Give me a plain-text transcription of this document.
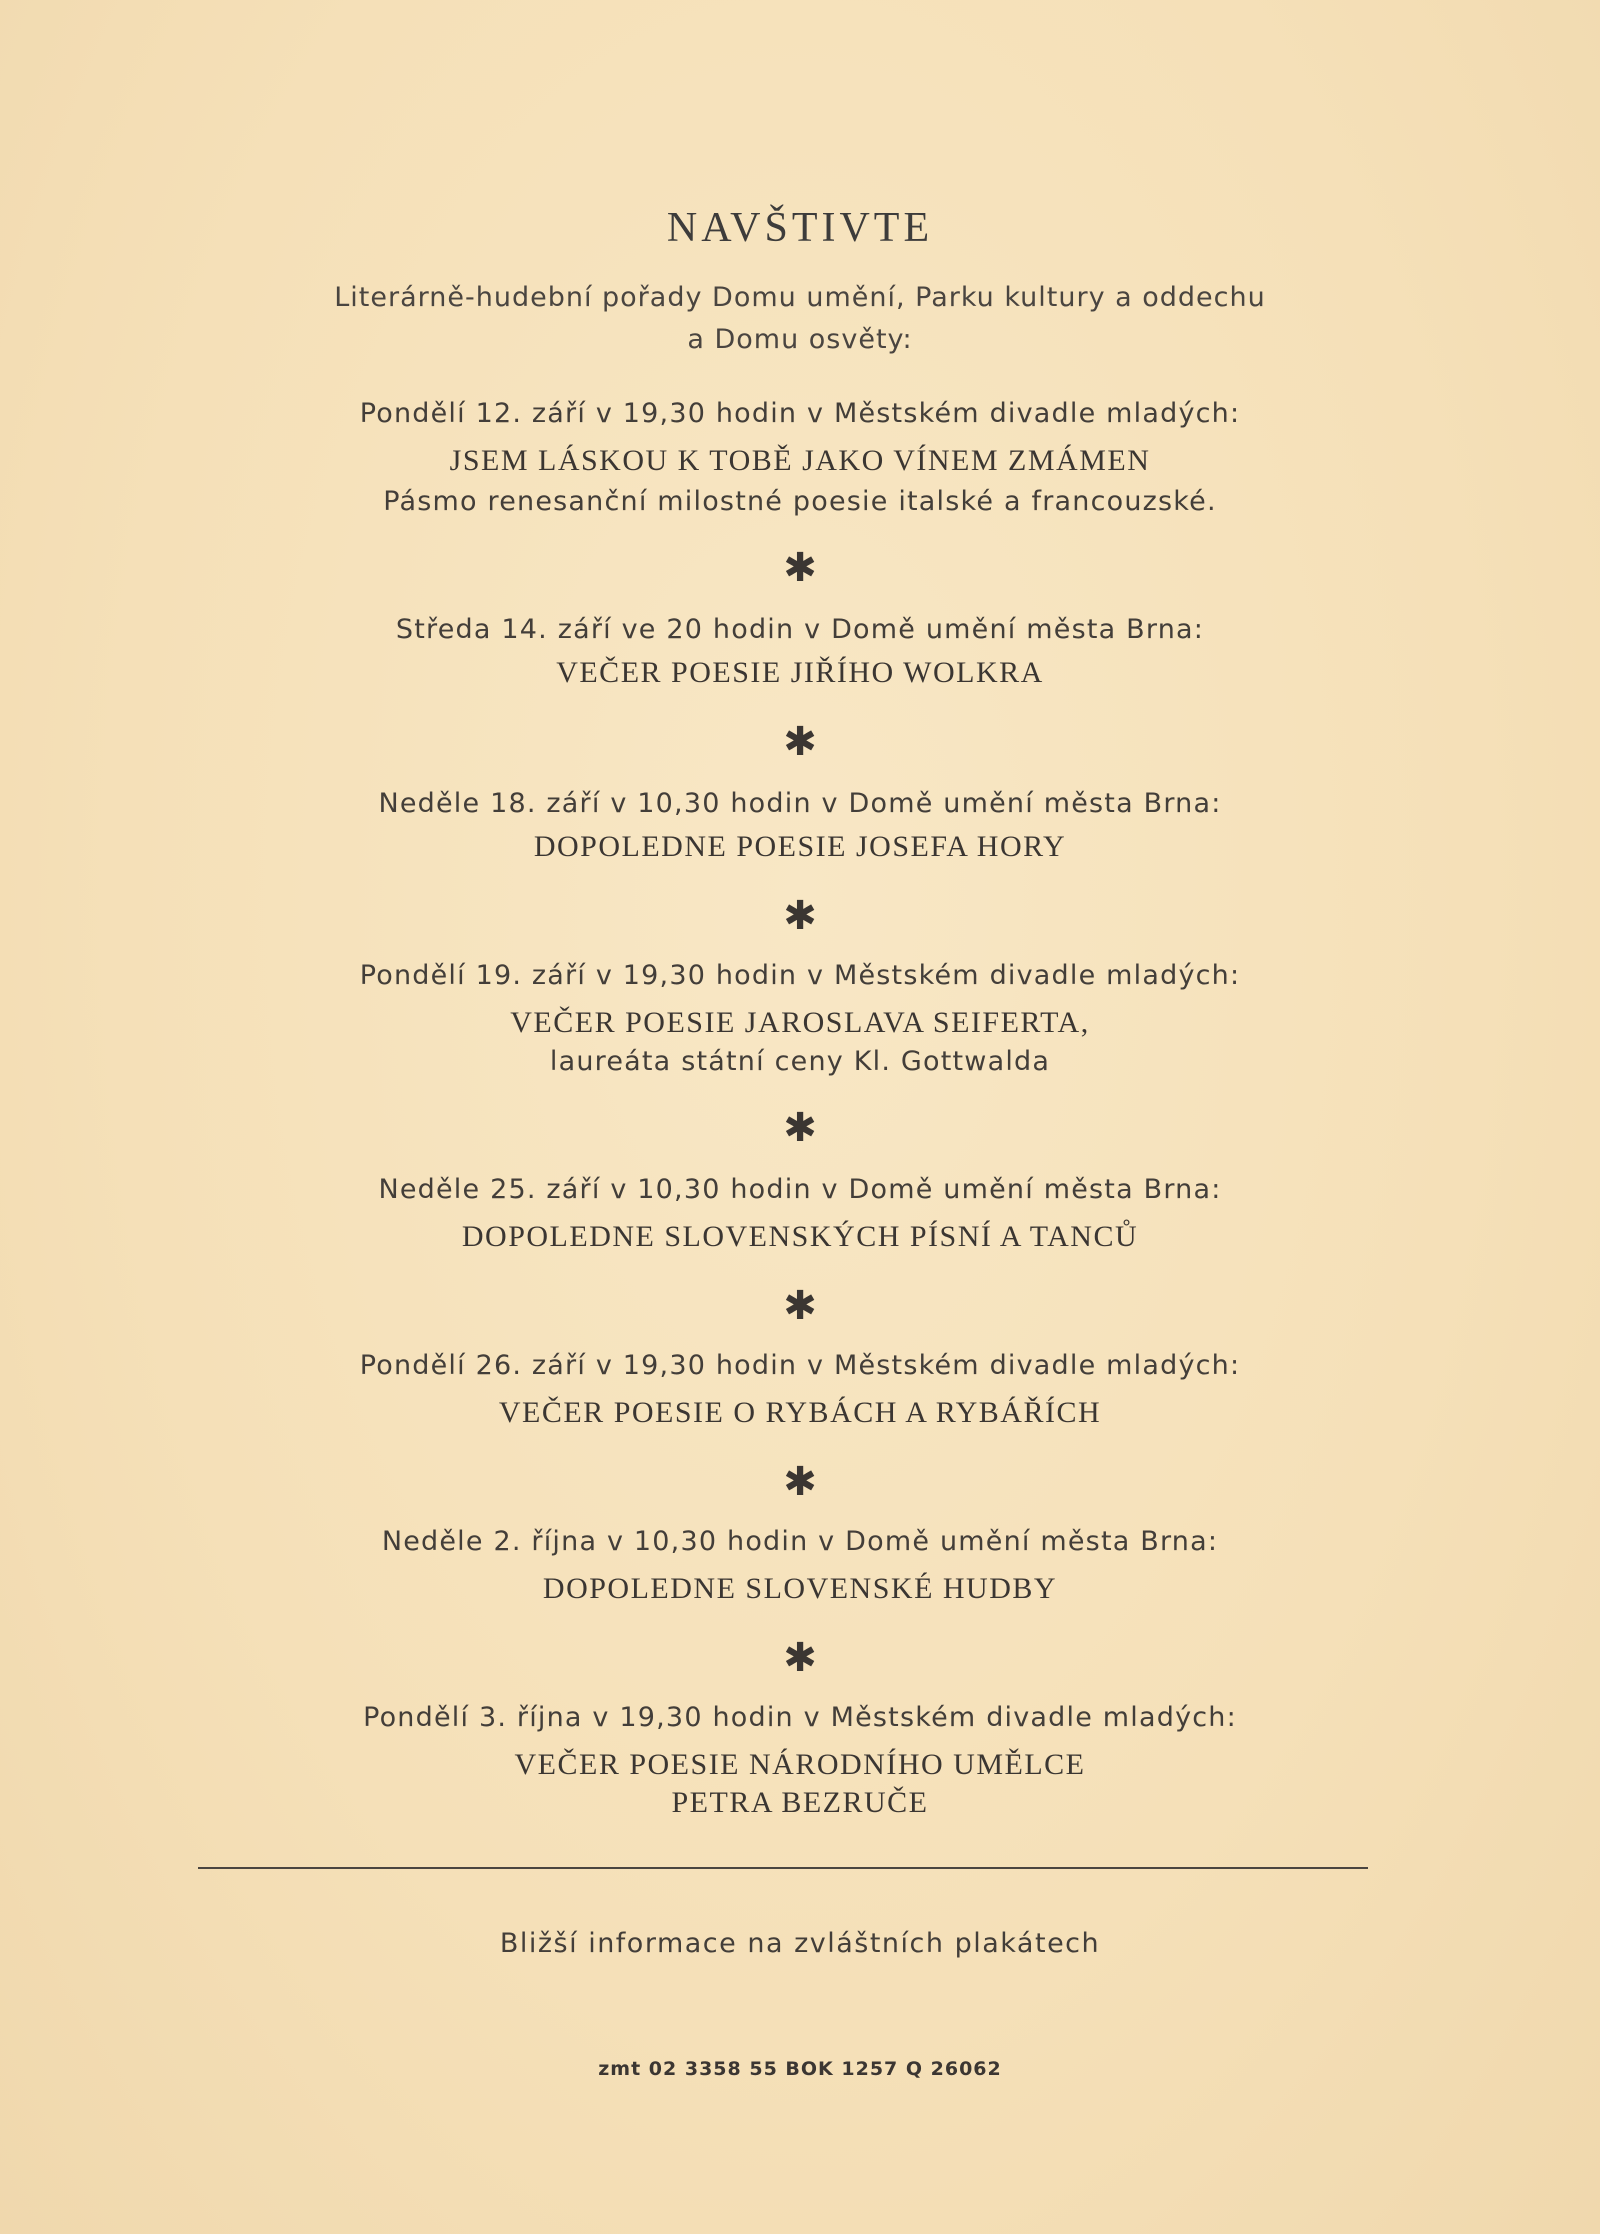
NAVŠTIVTE
Literárně-hudební pořady Domu umění, Parku kultury a oddechu
a Domu osvěty:
Pondělí 12. září v 19,30 hodin v Městském divadle mladých:
JSEM LÁSKOU K TOBĚ JAKO VÍNEM ZMÁMEN
Pásmo renesanční milostné poesie italské a francouzské.
✱
Středa 14. září ve 20 hodin v Domě umění města Brna:
VEČER POESIE JIŘÍHO WOLKRA
✱
Neděle 18. září v 10,30 hodin v Domě umění města Brna:
DOPOLEDNE POESIE JOSEFA HORY
✱
Pondělí 19. září v 19,30 hodin v Městském divadle mladých:
VEČER POESIE JAROSLAVA SEIFERTA,
laureáta státní ceny Kl. Gottwalda
✱
Neděle 25. září v 10,30 hodin v Domě umění města Brna:
DOPOLEDNE SLOVENSKÝCH PÍSNÍ A TANCŮ
✱
Pondělí 26. září v 19,30 hodin v Městském divadle mladých:
VEČER POESIE O RYBÁCH A RYBÁŘÍCH
✱
Neděle 2. října v 10,30 hodin v Domě umění města Brna:
DOPOLEDNE SLOVENSKÉ HUDBY
✱
Pondělí 3. října v 19,30 hodin v Městském divadle mladých:
VEČER POESIE NÁRODNÍHO UMĚLCE
PETRA BEZRUČE
Bližší informace na zvláštních plakátech
zmt 02 3358 55 BOK 1257 Q 26062
